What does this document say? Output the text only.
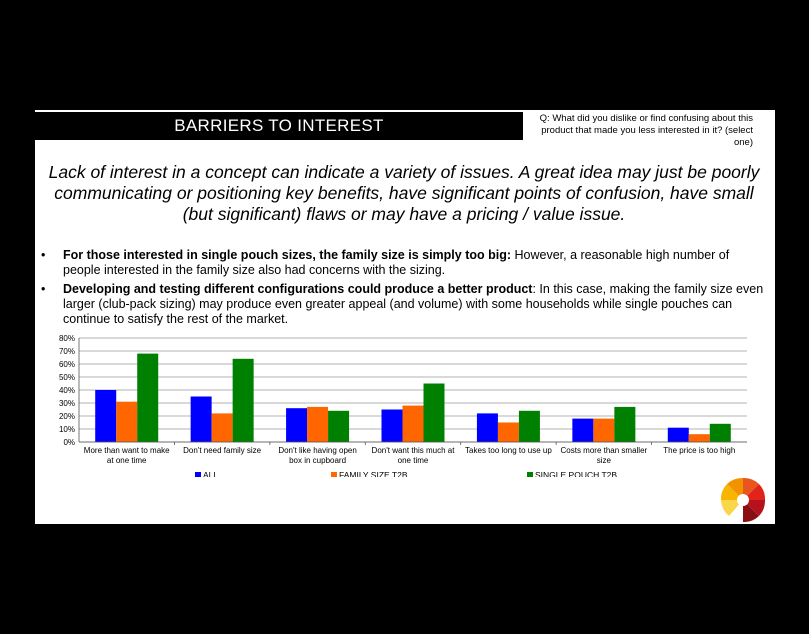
BARRIERS TO INTEREST	Q: What did you dislike or find confusing about this product that made you less interested in it? (select one)
Lack of interest in a concept can indicate a variety of issues. A great idea may just be poorly communicating or positioning key benefits, have significant points of confusion, have small (but significant) flaws or may have a pricing / value issue.
• For those interested in single pouch sizes, the family size is simply too big: However, a reasonable high number of people interested in the family size also had concerns with the sizing.
• Developing and testing different configurations could produce a better product: In this case, making the family size even larger (club-pack sizing) may produce even greater appeal (and volume) with some households while single pouches can continue to satisfy the rest of the market.
0%
10%
20%
30%
40%
50%
60%
70%
80%
More than want to make at one time
Don't need family size Don't like having open box in cupboard
Don't want this much at one time
Takes too long to use up Costs more than smaller size
The price is too high
ALL	FAMILY SIZE T2B	SINGLE POUCH T2B
